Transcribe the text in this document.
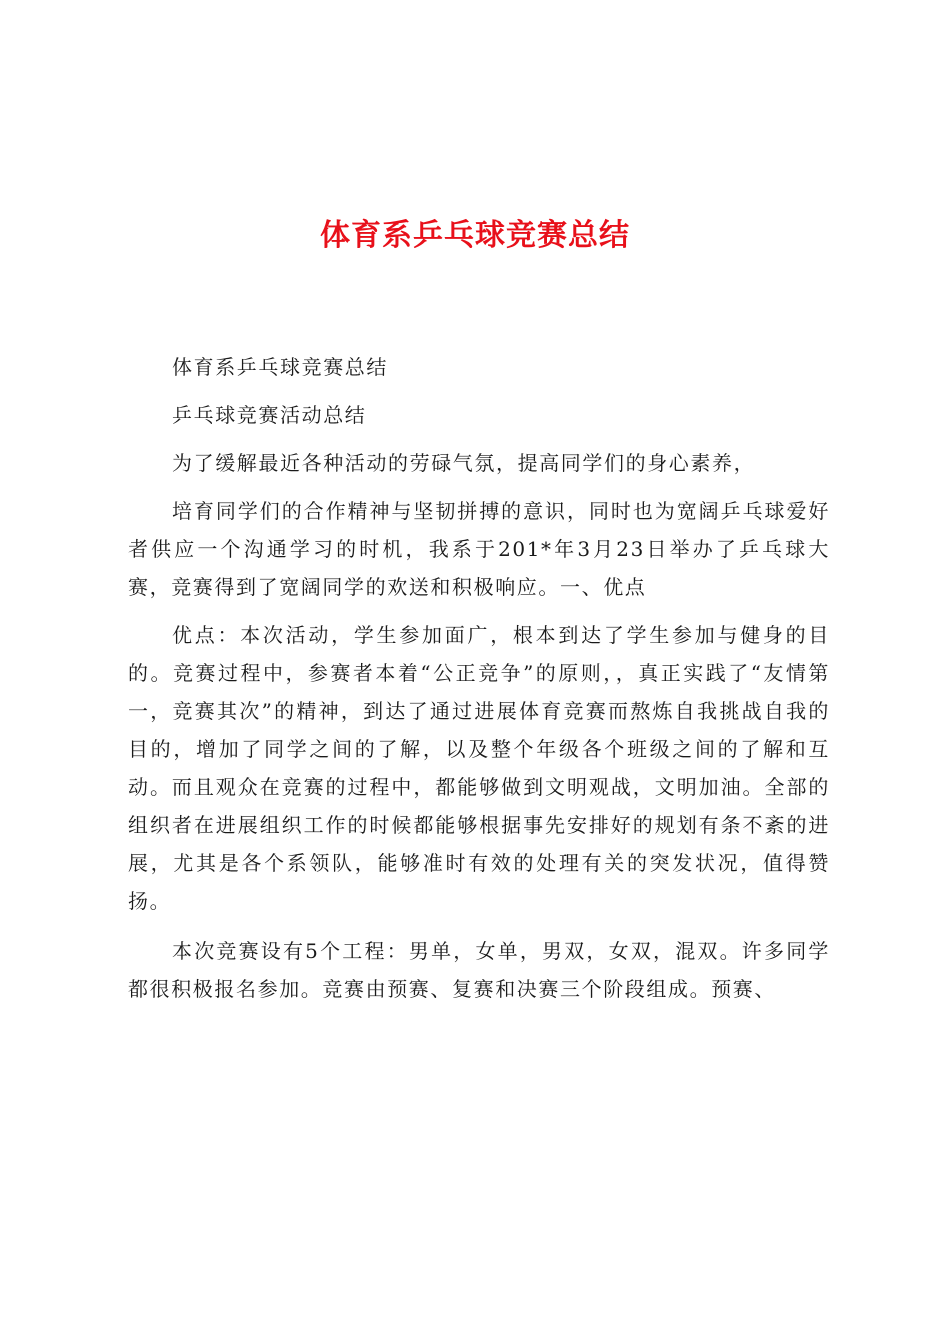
体育系乒乓球竞赛总结

体育系乒乓球竞赛总结

乒乓球竞赛活动总结

为了缓解最近各种活动的劳碌气氛，提高同学们的身心素养，

培育同学们的合作精神与坚韧拼搏的意识，同时也为宽阔乒乓球爱好者供应一个沟通学习的时机，我系于201*年3月23日举办了乒乓球大赛，竞赛得到了宽阔同学的欢送和积极响应。一、优点

优点：本次活动，学生参加面广，根本到达了学生参加与健身的目的。竞赛过程中，参赛者本着“公正竞争”的原则，，真正实践了“友情第一，竞赛其次”的精神，到达了通过进展体育竞赛而熬炼自我挑战自我的目的，增加了同学之间的了解，以及整个年级各个班级之间的了解和互动。而且观众在竞赛的过程中，都能够做到文明观战，文明加油。全部的组织者在进展组织工作的时候都能够根据事先安排好的规划有条不紊的进展，尤其是各个系领队，能够准时有效的处理有关的突发状况，值得赞扬。

本次竞赛设有5个工程：男单，女单，男双，女双，混双。许多同学都很积极报名参加。竞赛由预赛、复赛和决赛三个阶段组成。预赛、
